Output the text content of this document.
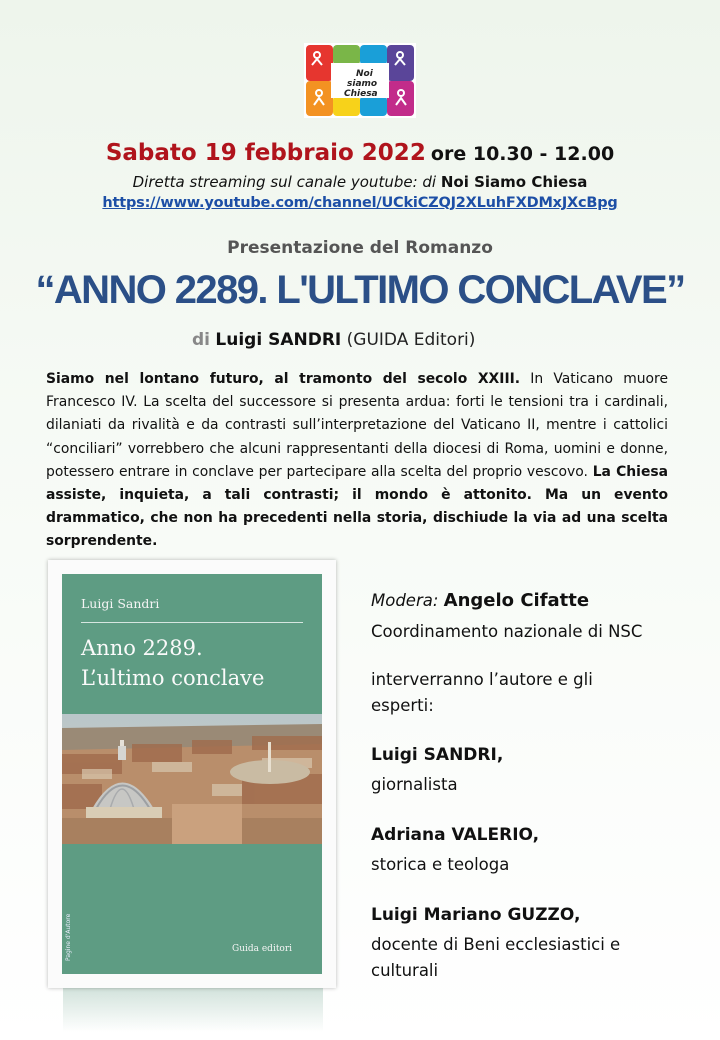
Noi
siamo
Chiesa
Sabato 19 febbraio 2022 ore 10.30 - 12.00
Diretta streaming sul canale youtube: di Noi Siamo Chiesa
https://www.youtube.com/channel/UCkiCZQJ2XLuhFXDMxJXcBpg
Presentazione del Romanzo
“ANNO 2289. L'ULTIMO CONCLAVE”
di Luigi SANDRI (GUIDA Editori)
Siamo nel lontano futuro, al tramonto del secolo XXIII. In Vaticano muore Francesco IV. La scelta del successore si presenta ardua: forti le tensioni tra i cardinali, dilaniati da rivalità e da contrasti sull’interpretazione del Vaticano II, mentre i cattolici “conciliari” vorrebbero che alcuni rappresentanti della diocesi di Roma, uomini e donne, potessero entrare in conclave per partecipare alla scelta del proprio vescovo. La Chiesa assiste, inquieta, a tali contrasti; il mondo è attonito. Ma un evento drammatico, che non ha precedenti nella storia, dischiude la via ad una scelta sorprendente.
Luigi Sandri
Anno 2289.
L’ultimo conclave
Pagine d'Autore	Guida editori
Modera: Angelo Cifatte
Coordinamento nazionale di NSC
interverranno l’autore e gli
esperti:
Luigi SANDRI,
giornalista
Adriana VALERIO,
storica e teologa
Luigi Mariano GUZZO,
docente di Beni ecclesiastici e
culturali
